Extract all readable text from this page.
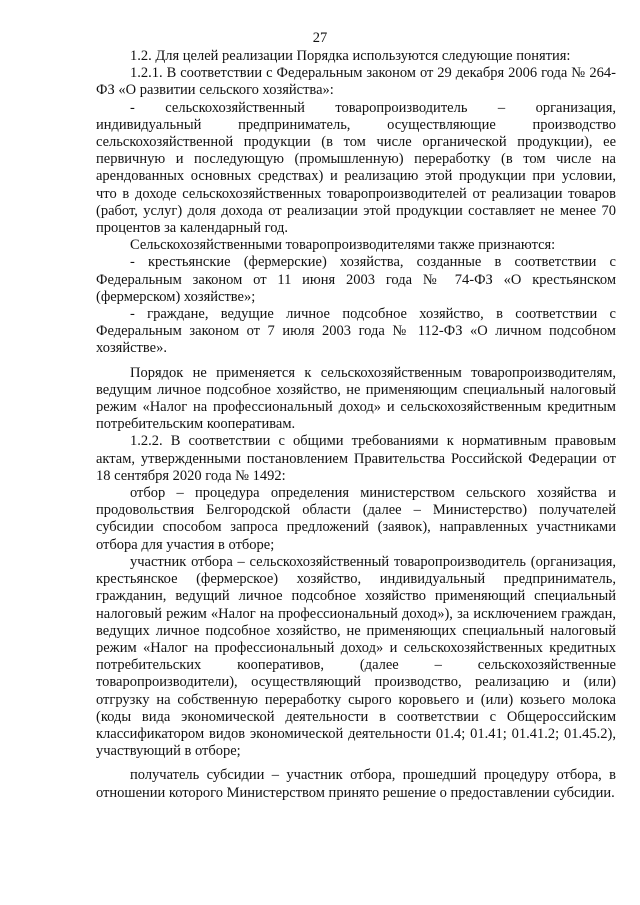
27

1.2. Для целей реализации Порядка используются следующие понятия:

1.2.1. В соответствии с Федеральным законом от 29 декабря 2006 года № 264-ФЗ «О развитии сельского хозяйства»:

- сельскохозяйственный товаропроизводитель – организация, индивидуальный предприниматель, осуществляющие производство сельскохозяйственной продукции (в том числе органической продукции), ее первичную и последующую (промышленную) переработку (в том числе на арендованных основных средствах) и реализацию этой продукции при условии, что в доходе сельскохозяйственных товаропроизводителей от реализации товаров (работ, услуг) доля дохода от реализации этой продукции составляет не менее 70 процентов за календарный год.

Сельскохозяйственными товаропроизводителями также признаются:

- крестьянские (фермерские) хозяйства, созданные в соответствии с Федеральным законом от 11 июня 2003 года № 74-ФЗ «О крестьянском (фермерском) хозяйстве»;

- граждане, ведущие личное подсобное хозяйство, в соответствии с Федеральным законом от 7 июля 2003 года № 112-ФЗ «О личном подсобном хозяйстве».

Порядок не применяется к сельскохозяйственным товаропроизводителям, ведущим личное подсобное хозяйство, не применяющим специальный налоговый режим «Налог на профессиональный доход» и сельскохозяйственным кредитным потребительским кооперативам.

1.2.2. В соответствии с общими требованиями к нормативным правовым актам, утвержденными постановлением Правительства Российской Федерации от 18 сентября 2020 года № 1492:

отбор – процедура определения министерством сельского хозяйства и продовольствия Белгородской области (далее – Министерство) получателей субсидии способом запроса предложений (заявок), направленных участниками отбора для участия в отборе;

участник отбора – сельскохозяйственный товаропроизводитель (организация, крестьянское (фермерское) хозяйство, индивидуальный предприниматель, гражданин, ведущий личное подсобное хозяйство применяющий специальный налоговый режим «Налог на профессиональный доход»), за исключением граждан, ведущих личное подсобное хозяйство, не применяющих специальный налоговый режим «Налог на профессиональный доход» и сельскохозяйственных кредитных потребительских кооперативов, (далее – сельскохозяйственные товаропроизводители), осуществляющий производство, реализацию и (или) отгрузку на собственную переработку сырого коровьего и (или) козьего молока (коды вида экономической деятельности в соответствии с Общероссийским классификатором видов экономической деятельности 01.4; 01.41; 01.41.2; 01.45.2), участвующий в отборе;

получатель субсидии – участник отбора, прошедший процедуру отбора, в отношении которого Министерством принято решение о предоставлении субсидии.
